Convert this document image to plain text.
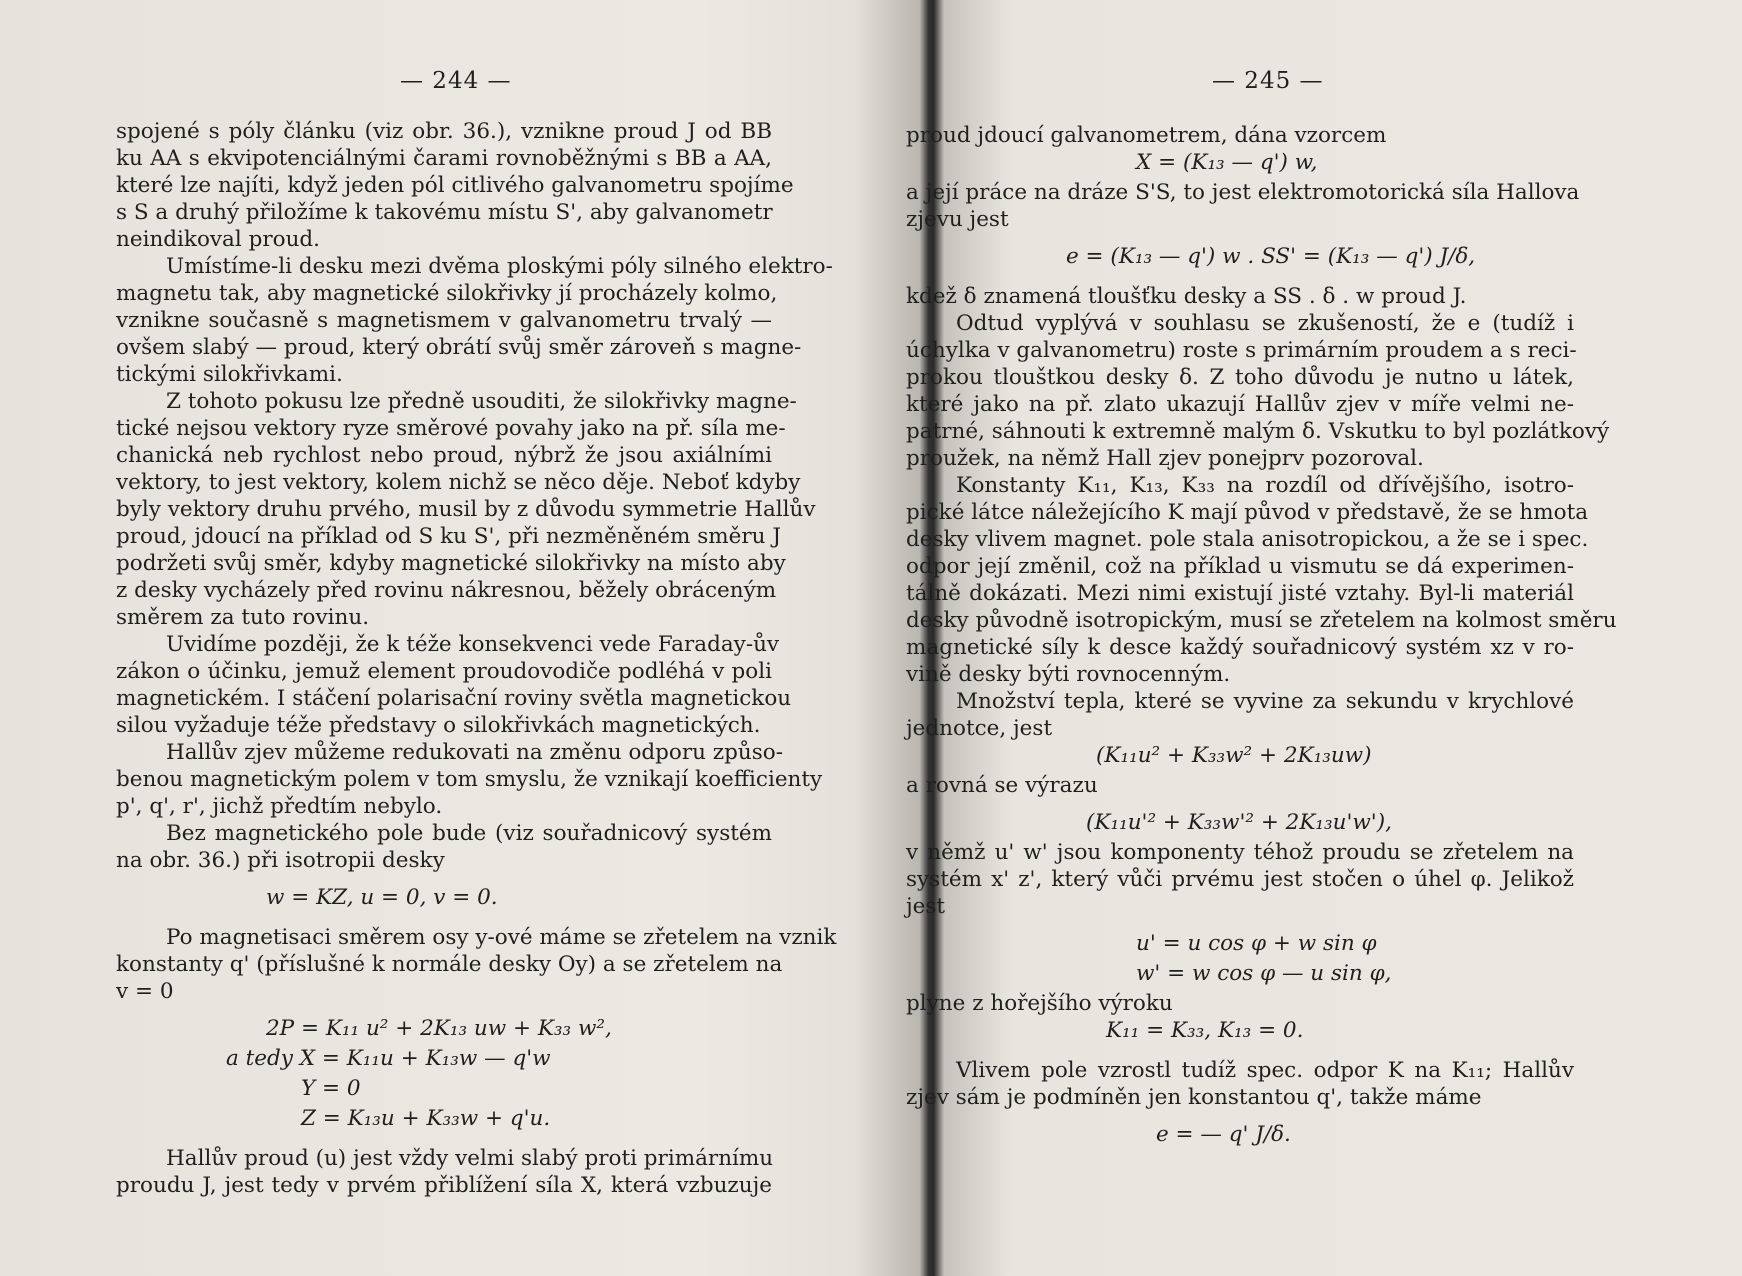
— 244 —
spojené s póly článku (viz obr. 36.), vznikne proud J od BB
ku AA s ekvipotenciálnými čarami rovnoběžnými s BB a AA,
které lze najíti, když jeden pól citlivého galvanometru spojíme
s S a druhý přiložíme k takovému místu S', aby galvanometr
neindikoval proud.
Umístíme-li desku mezi dvěma ploskými póly silného elektro-
magnetu tak, aby magnetické silokřivky jí procházely kolmo,
vznikne současně s magnetismem v galvanometru trvalý —
ovšem slabý — proud, který obrátí svůj směr zároveň s magne-
tickými silokřivkami.
Z tohoto pokusu lze předně usouditi, že silokřivky magne-
tické nejsou vektory ryze směrové povahy jako na př. síla me-
chanická neb rychlost nebo proud, nýbrž že jsou axiálními
vektory, to jest vektory, kolem nichž se něco děje. Neboť kdyby
byly vektory druhu prvého, musil by z důvodu symmetrie Hallův
proud, jdoucí na příklad od S ku S', při nezměněném směru J
podržeti svůj směr, kdyby magnetické silokřivky na místo aby
z desky vycházely před rovinu nákresnou, běžely obráceným
směrem za tuto rovinu.
Uvidíme později, že k téže konsekvenci vede Faraday-ův
zákon o účinku, jemuž element proudovodiče podléhá v poli
magnetickém. I stáčení polarisační roviny světla magnetickou
silou vyžaduje téže představy o silokřivkách magnetických.
Hallův zjev můžeme redukovati na změnu odporu způso-
benou magnetickým polem v tom smyslu, že vznikají koefficienty
p', q', r', jichž předtím nebylo.
Bez magnetického pole bude (viz souřadnicový systém
na obr. 36.) při isotropii desky
w = KZ, u = 0, v = 0.
Po magnetisaci směrem osy y-ové máme se zřetelem na vznik
konstanty q' (příslušné k normále desky Oy) a se zřetelem na
v = 0
2P = K₁₁ u² + 2K₁₃ uw + K₃₃ w²,
a tedy X = K₁₁u + K₁₃w — q'w
Y = 0
Z = K₁₃u + K₃₃w + q'u.
Hallův proud (u) jest vždy velmi slabý proti primárnímu
proudu J, jest tedy v prvém přiblížení síla X, která vzbuzuje
— 245 —
proud jdoucí galvanometrem, dána vzorcem
X = (K₁₃ — q') w,
a její práce na dráze S'S, to jest elektromotorická síla Hallova
zjevu jest
e = (K₁₃ — q') w . SS' = (K₁₃ — q') J/δ,
kdež δ znamená tloušťku desky a SS . δ . w proud J.
Odtud vyplývá v souhlasu se zkušeností, že e (tudíž i
úchylka v galvanometru) roste s primárním proudem a s reci-
prokou tlouštkou desky δ. Z toho důvodu je nutno u látek,
které jako na př. zlato ukazují Hallův zjev v míře velmi ne-
patrné, sáhnouti k extremně malým δ. Vskutku to byl pozlátkový
proužek, na němž Hall zjev ponejprv pozoroval.
Konstanty K₁₁, K₁₃, K₃₃ na rozdíl od dřívějšího, isotro-
pické látce náležejícího K mají původ v představě, že se hmota
desky vlivem magnet. pole stala anisotropickou, a že se i spec.
odpor její změnil, což na příklad u vismutu se dá experimen-
tálně dokázati. Mezi nimi existují jisté vztahy. Byl-li materiál
desky původně isotropickým, musí se zřetelem na kolmost směru
magnetické síly k desce každý souřadnicový systém xz v ro-
vině desky býti rovnocenným.
Množství tepla, které se vyvine za sekundu v krychlové
jednotce, jest
(K₁₁u² + K₃₃w² + 2K₁₃uw)
a rovná se výrazu
(K₁₁u'² + K₃₃w'² + 2K₁₃u'w'),
v němž u' w' jsou komponenty téhož proudu se zřetelem na
systém x' z', který vůči prvému jest stočen o úhel φ. Jelikož
jest
u' = u cos φ + w sin φ
w' = w cos φ — u sin φ,
plyne z hořejšího výroku
K₁₁ = K₃₃, K₁₃ = 0.
Vlivem pole vzrostl tudíž spec. odpor K na K₁₁; Hallův
zjev sám je podmíněn jen konstantou q', takže máme
e = — q' J/δ.
